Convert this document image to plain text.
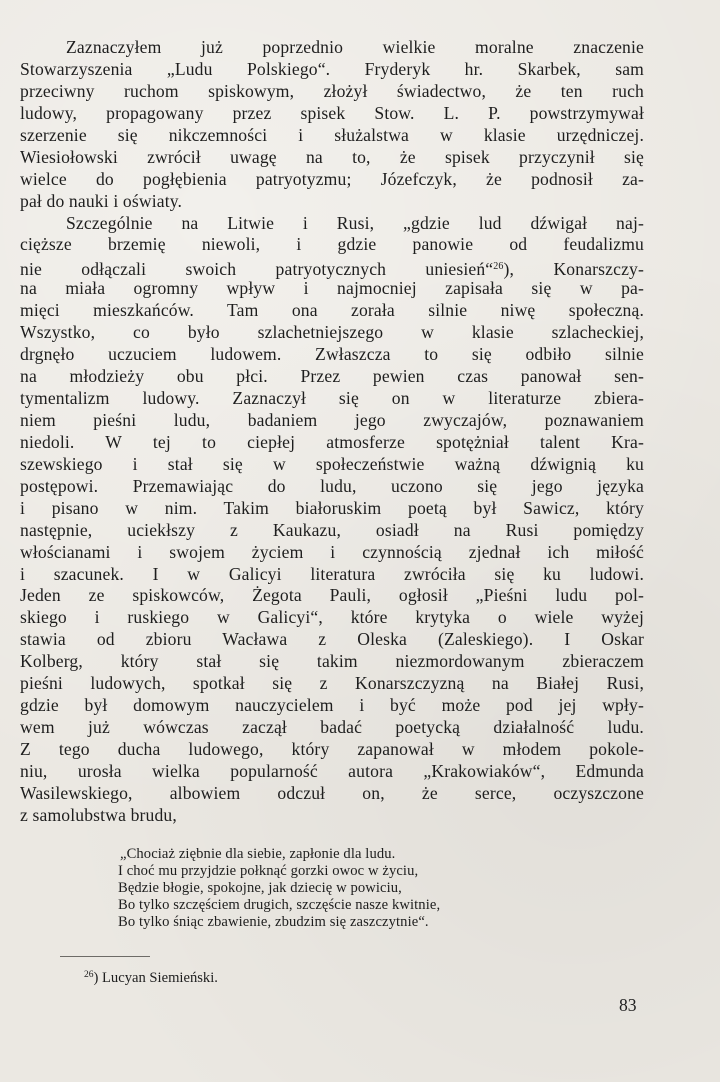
Zaznaczyłem już poprzednio wielkie moralne znaczenie
Stowarzyszenia „Ludu Polskiego“. Fryderyk hr. Skarbek, sam
przeciwny ruchom spiskowym, złożył świadectwo, że ten ruch
ludowy, propagowany przez spisek Stow. L. P. powstrzymywał
szerzenie się nikczemności i służalstwa w klasie urzędniczej.
Wiesiołowski zwrócił uwagę na to, że spisek przyczynił się
wielce do pogłębienia patryotyzmu; Józefczyk, że podnosił za-
pał do nauki i oświaty.
Szczególnie na Litwie i Rusi, „gdzie lud dźwigał naj-
cięższe brzemię niewoli, i gdzie panowie od feudalizmu
nie odłączali swoich patryotycznych uniesień“$^{26}$), Konarszczy-
na miała ogromny wpływ i najmocniej zapisała się w pa-
mięci mieszkańców. Tam ona zorała silnie niwę społeczną.
Wszystko, co było szlachetniejszego w klasie szlacheckiej,
drgnęło uczuciem ludowem. Zwłaszcza to się odbiło silnie
na młodzieży obu płci. Przez pewien czas panował sen-
tymentalizm ludowy. Zaznaczył się on w literaturze zbiera-
niem pieśni ludu, badaniem jego zwyczajów, poznawaniem
niedoli. W tej to ciepłej atmosferze spotężniał talent Kra-
szewskiego i stał się w społeczeństwie ważną dźwignią ku
postępowi. Przemawiając do ludu, uczono się jego języka
i pisano w nim. Takim białoruskim poetą był Sawicz, który
następnie, uciekłszy z Kaukazu, osiadł na Rusi pomiędzy
włościanami i swojem życiem i czynnością zjednał ich miłość
i szacunek. I w Galicyi literatura zwróciła się ku ludowi.
Jeden ze spiskowców, Żegota Pauli, ogłosił „Pieśni ludu pol-
skiego i ruskiego w Galicyi“, które krytyka o wiele wyżej
stawia od zbioru Wacława z Oleska (Zaleskiego). I Oskar
Kolberg, który stał się takim niezmordowanym zbieraczem
pieśni ludowych, spotkał się z Konarszczyzną na Białej Rusi,
gdzie był domowym nauczycielem i być może pod jej wpły-
wem już wówczas zaczął badać poetycką działalność ludu.
Z tego ducha ludowego, który zapanował w młodem pokole-
niu, urosła wielka popularność autora „Krakowiaków“, Edmunda
Wasilewskiego, albowiem odczuł on, że serce, oczyszczone
z samolubstwa brudu,
„Chociaż ziębnie dla siebie, zapłonie dla ludu.
I choć mu przyjdzie połknąć gorzki owoc w życiu,
Będzie błogie, spokojne, jak dziecię w powiciu,
Bo tylko szczęściem drugich, szczęście nasze kwitnie,
Bo tylko śniąc zbawienie, zbudzim się zaszczytnie“.
$^{26}$) Lucyan Siemieński.
83
